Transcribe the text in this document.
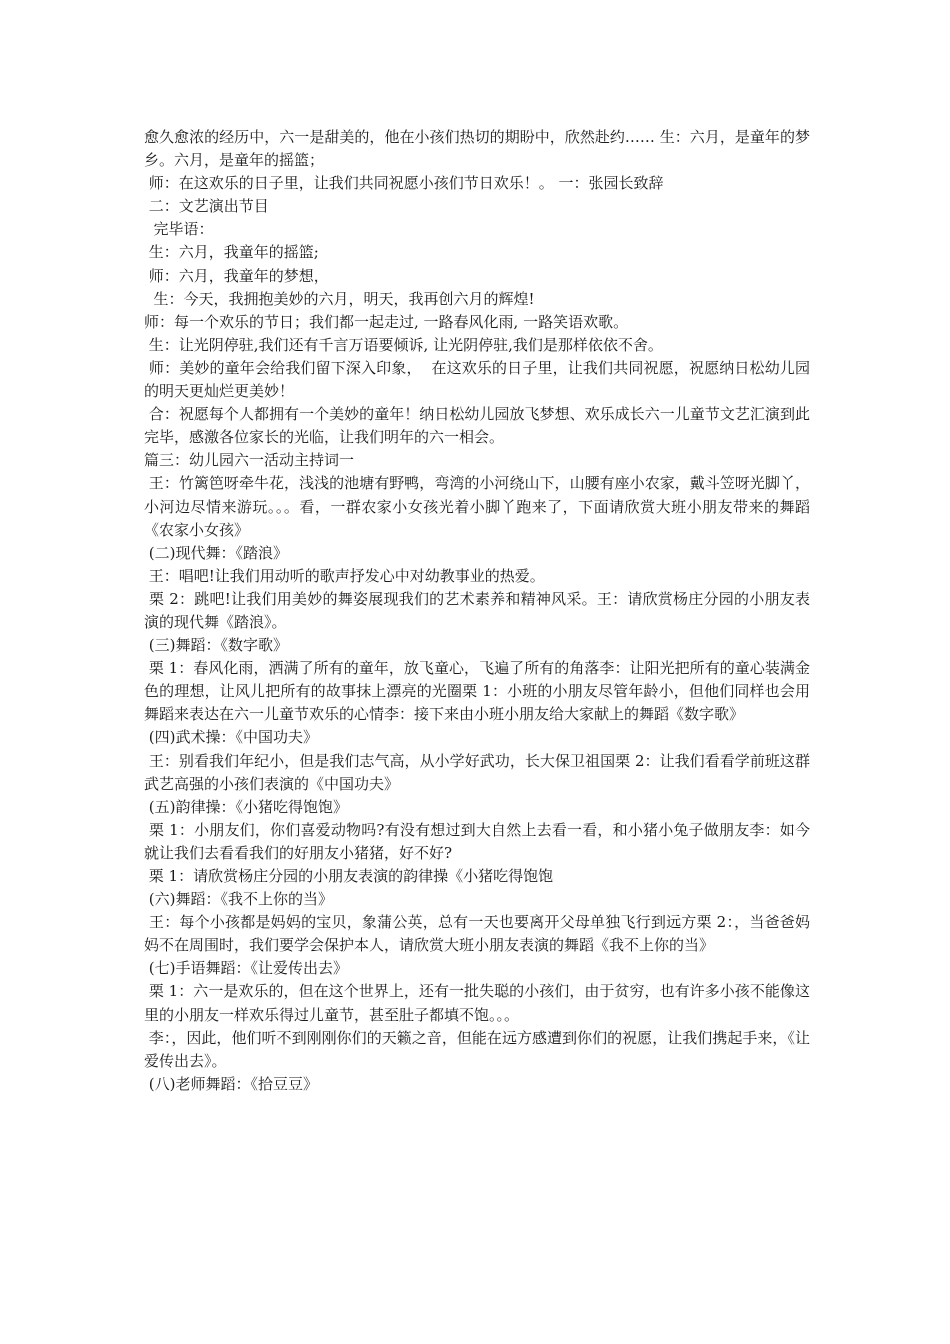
愈久愈浓的经历中，六一是甜美的，他在小孩们热切的期盼中，欣然赴约…… 生：六月，是童年的梦乡。六月，是童年的摇篮；

师：在这欢乐的日子里，让我们共同祝愿小孩们节日欢乐！。 一：张园长致辞

二：文艺演出节目

完毕语：

生：六月，我童年的摇篮;

师：六月，我童年的梦想，

生：今天，我拥抱美妙的六月，明天，我再创六月的辉煌!

师：每一个欢乐的节日；我们都一起走过, 一路春风化雨, 一路笑语欢歌。

生：让光阴停驻,我们还有千言万语要倾诉, 让光阴停驻,我们是那样依依不舍。

师：美妙的童年会给我们留下深入印象，  在这欢乐的日子里，让我们共同祝愿，祝愿纳日松幼儿园的明天更灿烂更美妙！

合：祝愿每个人都拥有一个美妙的童年！纳日松幼儿园放飞梦想、欢乐成长六一儿童节文艺汇演到此完毕，感激各位家长的光临，让我们明年的六一相会。

篇三：幼儿园六一活动主持词一

王：竹篱笆呀牵牛花，浅浅的池塘有野鸭，弯湾的小河绕山下，山腰有座小农家，戴斗笠呀光脚丫，小河边尽情来游玩。。。看，一群农家小女孩光着小脚丫跑来了，下面请欣赏大班小朋友带来的舞蹈《农家小女孩》

(二)现代舞：《踏浪》

王：唱吧!让我们用动听的歌声抒发心中对幼教事业的热爱。

栗 2：跳吧!让我们用美妙的舞姿展现我们的艺术素养和精神风采。王：请欣赏杨庄分园的小朋友表演的现代舞《踏浪》。

(三)舞蹈：《数字歌》

栗 1：春风化雨，洒满了所有的童年，放飞童心，飞遍了所有的角落李：让阳光把所有的童心装满金色的理想，让风儿把所有的故事抹上漂亮的光圈栗 1：小班的小朋友尽管年龄小，但他们同样也会用舞蹈来表达在六一儿童节欢乐的心情李：接下来由小班小朋友给大家献上的舞蹈《数字歌》

(四)武术操：《中国功夫》

王：别看我们年纪小，但是我们志气高，从小学好武功，长大保卫祖国栗 2：让我们看看学前班这群武艺高强的小孩们表演的《中国功夫》

(五)韵律操：《小猪吃得饱饱》

栗 1：小朋友们，你们喜爱动物吗?有没有想过到大自然上去看一看，和小猪小兔子做朋友李：如今就让我们去看看我们的好朋友小猪猪，好不好?

栗 1：请欣赏杨庄分园的小朋友表演的韵律操《小猪吃得饱饱

(六)舞蹈：《我不上你的当》

王：每个小孩都是妈妈的宝贝，象蒲公英，总有一天也要离开父母单独飞行到远方栗 2：，当爸爸妈妈不在周围时，我们要学会保护本人，请欣赏大班小朋友表演的舞蹈《我不上你的当》

(七)手语舞蹈：《让爱传出去》

栗 1：六一是欢乐的，但在这个世界上，还有一批失聪的小孩们，由于贫穷，也有许多小孩不能像这里的小朋友一样欢乐得过儿童节，甚至肚子都填不饱。。。

李：，因此，他们听不到刚刚你们的天籁之音，但能在远方感遭到你们的祝愿，让我们携起手来，《让爱传出去》。

(八)老师舞蹈：《拾豆豆》
